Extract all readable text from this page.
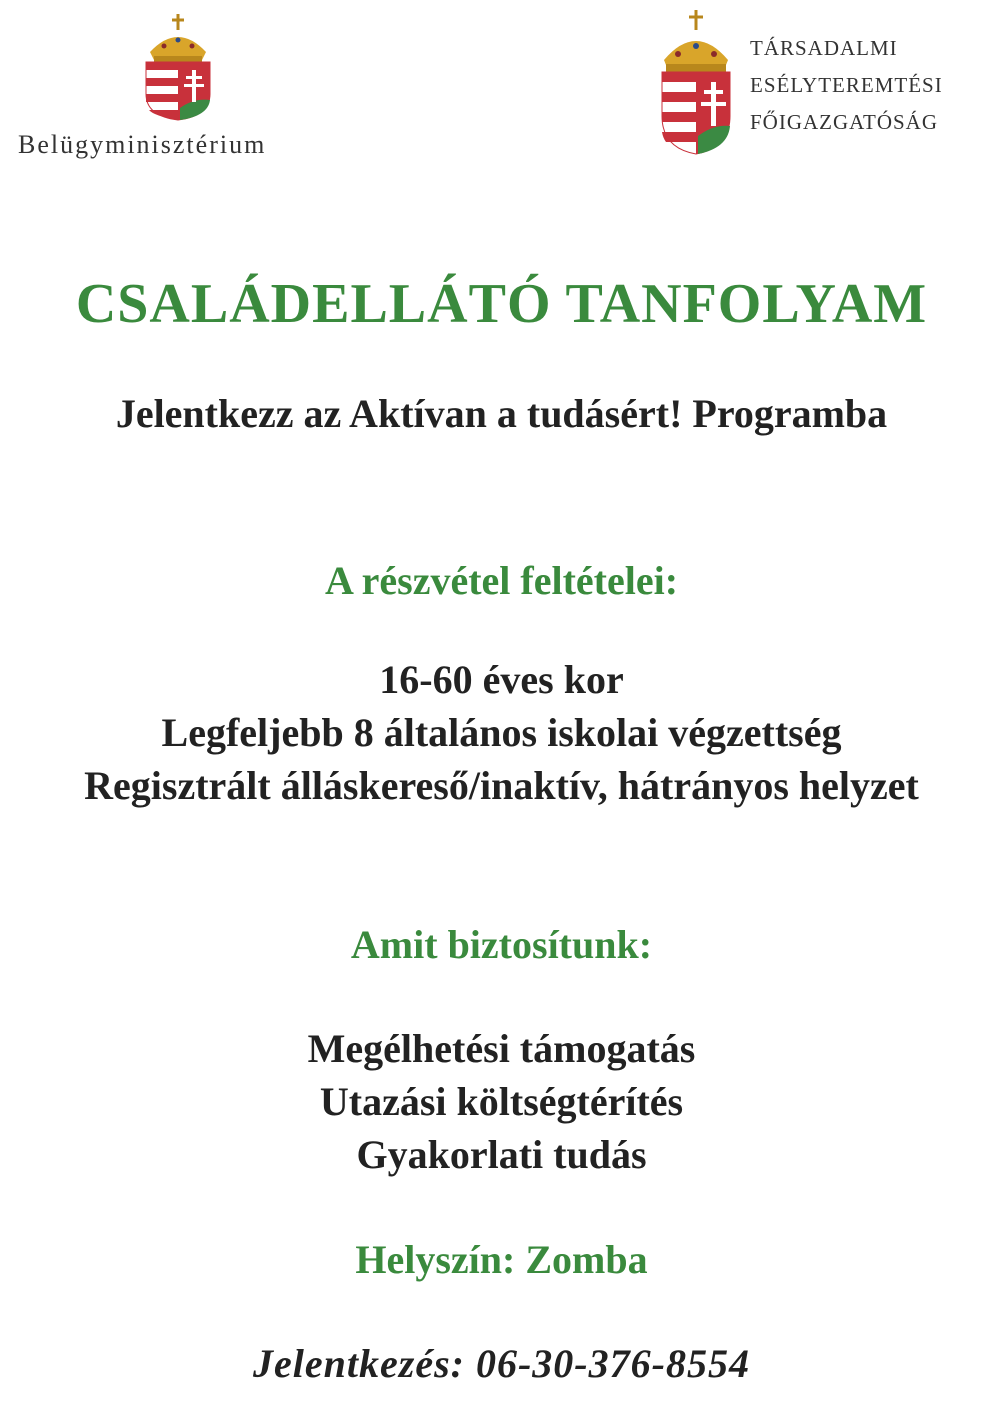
Belügyminisztérium
TÁRSADALMI
ESÉLYTEREMTÉSI
FŐIGAZGATÓSÁG
CSALÁDELLÁTÓ TANFOLYAM
Jelentkezz az Aktívan a tudásért! Programba
A részvétel feltételei:
16-60 éves kor
Legfeljebb 8 általános iskolai végzettség
Regisztrált álláskereső/inaktív, hátrányos helyzet
Amit biztosítunk:
Megélhetési támogatás
Utazási költségtérítés
Gyakorlati tudás
Helyszín: Zomba
Jelentkezés: 06-30-376-8554
